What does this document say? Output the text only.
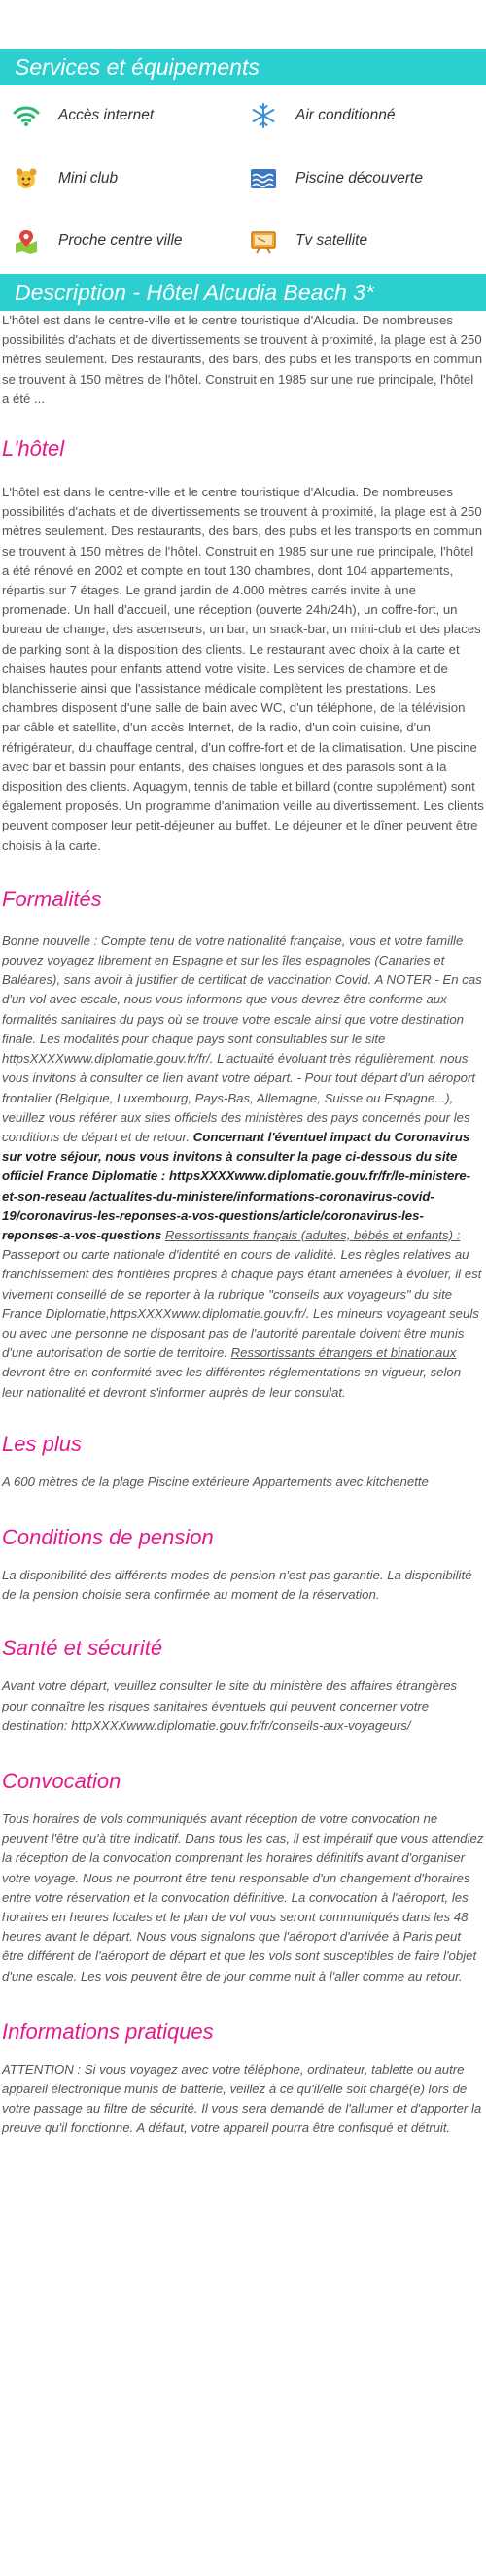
Services et équipements
Accès internet	Air conditionné
Mini club	Piscine découverte
Proche centre ville	Tv satellite
Description - Hôtel Alcudia Beach 3*

L'hôtel est dans le centre-ville et le centre touristique d'Alcudia. De nombreuses possibilités d'achats et de divertissements se trouvent à proximité, la plage est à 250 mètres seulement. Des restaurants, des bars, des pubs et les transports en commun se trouvent à 150 mètres de l'hôtel. Construit en 1985 sur une rue principale, l'hôtel a été ...

L'hôtel

L'hôtel est dans le centre-ville et le centre touristique d'Alcudia. De nombreuses possibilités d'achats et de divertissements se trouvent à proximité, la plage est à 250 mètres seulement. Des restaurants, des bars, des pubs et les transports en commun se trouvent à 150 mètres de l'hôtel. Construit en 1985 sur une rue principale, l'hôtel a été rénové en 2002 et compte en tout 130 chambres, dont 104 appartements, répartis sur 7 étages. Le grand jardin de 4.000 mètres carrés invite à une promenade. Un hall d'accueil, une réception (ouverte 24h/24h), un coffre-fort, un bureau de change, des ascenseurs, un bar, un snack-bar, un mini-club et des places de parking sont à la disposition des clients. Le restaurant avec choix à la carte et chaises hautes pour enfants attend votre visite. Les services de chambre et de blanchisserie ainsi que l'assistance médicale complètent les prestations. Les chambres disposent d'une salle de bain avec WC, d'un téléphone, de la télévision par câble et satellite, d'un accès Internet, de la radio, d'un coin cuisine, d'un réfrigérateur, du chauffage central, d'un coffre-fort et de la climatisation. Une piscine avec bar et bassin pour enfants, des chaises longues et des parasols sont à la disposition des clients. Aquagym, tennis de table et billard (contre supplément) sont également proposés. Un programme d'animation veille au divertissement. Les clients peuvent composer leur petit-déjeuner au buffet. Le déjeuner et le dîner peuvent être choisis à la carte.

Formalités

Bonne nouvelle : Compte tenu de votre nationalité française, vous et votre famille pouvez voyagez librement en Espagne et sur les îles espagnoles (Canaries et Baléares), sans avoir à justifier de certificat de vaccination Covid. A NOTER - En cas d'un vol avec escale, nous vous informons que vous devrez être conforme aux formalités sanitaires du pays où se trouve votre escale ainsi que votre destination finale. Les modalités pour chaque pays sont consultables sur le site httpsXXXXwww.diplomatie.gouv.fr/fr/. L'actualité évoluant très régulièrement, nous vous invitons à consulter ce lien avant votre départ. - Pour tout départ d'un aéroport frontalier (Belgique, Luxembourg, Pays-Bas, Allemagne, Suisse ou Espagne...), veuillez vous référer aux sites officiels des ministères des pays concernés pour les conditions de départ et de retour. Concernant l'éventuel impact du Coronavirus sur votre séjour, nous vous invitons à consulter la page ci-dessous du site officiel France Diplomatie : httpsXXXXwww.diplomatie.gouv.fr/fr/le-ministere-et-son-reseau /actualites-du-ministere/informations-coronavirus-covid-19/coronavirus-les-reponses-a-vos-questions/article/coronavirus-les-reponses-a-vos-questions Ressortissants français (adultes, bébés et enfants) : Passeport ou carte nationale d'identité en cours de validité. Les règles relatives au franchissement des frontières propres à chaque pays étant amenées à évoluer, il est vivement conseillé de se reporter à la rubrique "conseils aux voyageurs" du site France Diplomatie,httpsXXXXwww.diplomatie.gouv.fr/. Les mineurs voyageant seuls ou avec une personne ne disposant pas de l'autorité parentale doivent être munis d'une autorisation de sortie de territoire. Ressortissants étrangers et binationaux devront être en conformité avec les différentes réglementations en vigueur, selon leur nationalité et devront s'informer auprès de leur consulat.

Les plus

A 600 mètres de la plage Piscine extérieure Appartements avec kitchenette

Conditions de pension

La disponibilité des différents modes de pension n'est pas garantie. La disponibilité de la pension choisie sera confirmée au moment de la réservation.

Santé et sécurité

Avant votre départ, veuillez consulter le site du ministère des affaires étrangères pour connaître les risques sanitaires éventuels qui peuvent concerner votre destination: httpXXXXwww.diplomatie.gouv.fr/fr/conseils-aux-voyageurs/

Convocation

Tous horaires de vols communiqués avant réception de votre convocation ne peuvent l'être qu'à titre indicatif. Dans tous les cas, il est impératif que vous attendiez la réception de la convocation comprenant les horaires définitifs avant d'organiser votre voyage. Nous ne pourront être tenu responsable d'un changement d'horaires entre votre réservation et la convocation définitive. La convocation à l'aéroport, les horaires en heures locales et le plan de vol vous seront communiqués dans les 48 heures avant le départ. Nous vous signalons que l'aéroport d'arrivée à Paris peut être différent de l'aéroport de départ et que les vols sont susceptibles de faire l'objet d'une escale. Les vols peuvent être de jour comme nuit à l'aller comme au retour.

Informations pratiques

ATTENTION : Si vous voyagez avec votre téléphone, ordinateur, tablette ou autre appareil électronique munis de batterie, veillez à ce qu'il/elle soit chargé(e) lors de votre passage au filtre de sécurité. Il vous sera demandé de l'allumer et d'apporter la preuve qu'il fonctionne. A défaut, votre appareil pourra être confisqué et détruit.
